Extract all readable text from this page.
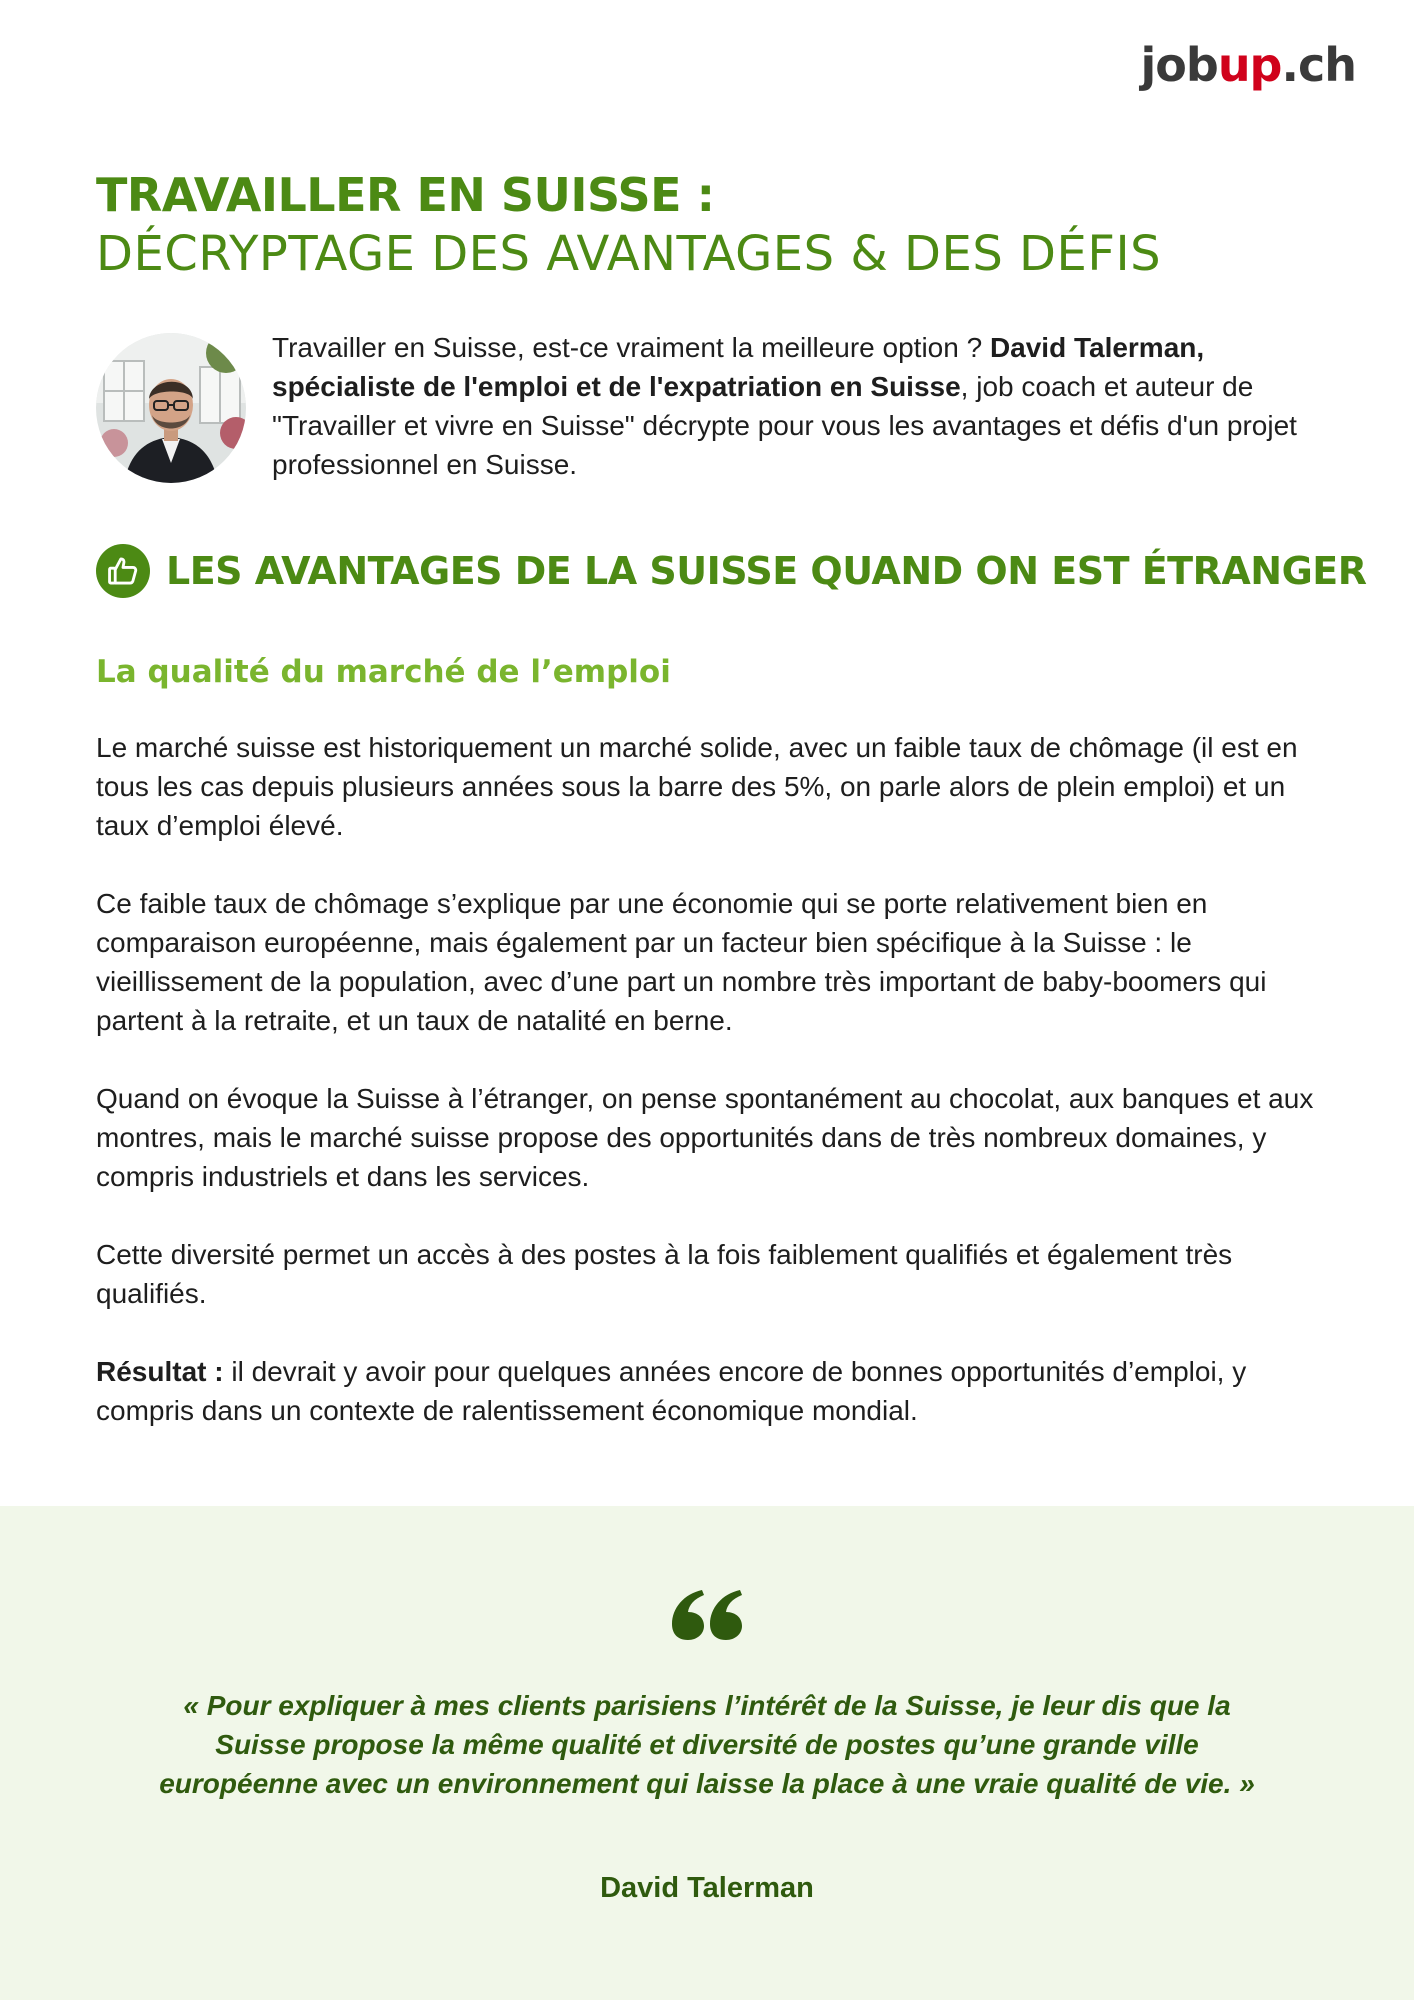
jobup.ch
TRAVAILLER EN SUISSE :
DÉCRYPTAGE DES AVANTAGES & DES DÉFIS

Travailler en Suisse, est-ce vraiment la meilleure option ? David Talerman, spécialiste de l'emploi et de l'expatriation en Suisse, job coach et auteur de "Travailler et vivre en Suisse" décrypte pour vous les avantages et défis d'un projet professionnel en Suisse.

LES AVANTAGES DE LA SUISSE QUAND ON EST ÉTRANGER
La qualité du marché de l’emploi

Le marché suisse est historiquement un marché solide, avec un faible taux de chômage (il est en tous les cas depuis plusieurs années sous la barre des 5%, on parle alors de plein emploi) et un taux d’emploi élevé.

Ce faible taux de chômage s’explique par une économie qui se porte relativement bien en comparaison européenne, mais également par un facteur bien spécifique à la Suisse : le vieillissement de la population, avec d’une part un nombre très important de baby-boomers qui partent à la retraite, et un taux de natalité en berne.

Quand on évoque la Suisse à l’étranger, on pense spontanément au chocolat, aux banques et aux montres, mais le marché suisse propose des opportunités dans de très nombreux domaines, y compris industriels et dans les services.

Cette diversité permet un accès à des postes à la fois faiblement qualifiés et également très qualifiés.

Résultat : il devrait y avoir pour quelques années encore de bonnes opportunités d’emploi, y compris dans un contexte de ralentissement économique mondial.

« Pour expliquer à mes clients parisiens l’intérêt de la Suisse, je leur dis que la Suisse propose la même qualité et diversité de postes qu’une grande ville européenne avec un environnement qui laisse la place à une vraie qualité de vie. »

David Talerman
